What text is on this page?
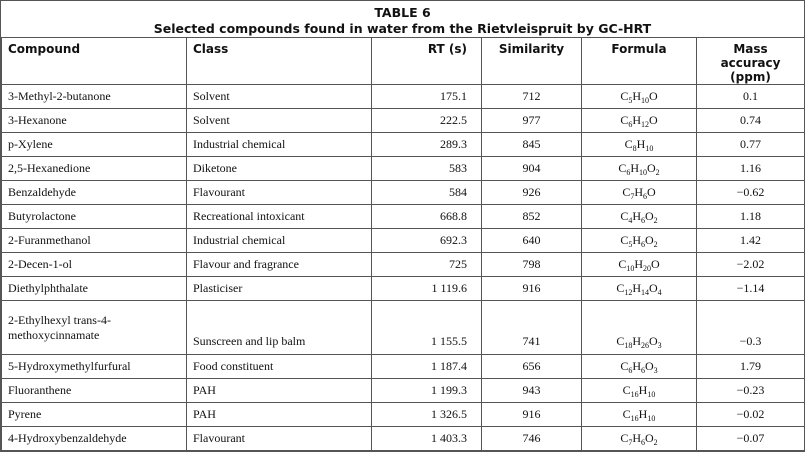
TABLE 6
Selected compounds found in water from the Rietvleispruit by GC-HRT
Compound	Class	RT (s)	Similarity	Formula	Mass accuracy (ppm)
3-Methyl-2-butanone	Solvent	175.1	712	$C_5H_{10}O$	0.1
3-Hexanone	Solvent	222.5	977	$C_6H_{12}O$	0.74
p-Xylene	Industrial chemical	289.3	845	$C_8H_{10}$	0.77
2,5-Hexanedione	Diketone	583	904	$C_6H_{10}O_2$	1.16
Benzaldehyde	Flavourant	584	926	$C_7H_6O$	−0.62
Butyrolactone	Recreational intoxicant	668.8	852	$C_4H_6O_2$	1.18
2-Furanmethanol	Industrial chemical	692.3	640	$C_5H_6O_2$	1.42
2-Decen-1-ol	Flavour and fragrance	725	798	$C_{10}H_{20}O$	−2.02
Diethylphthalate	Plasticiser	1 119.6	916	$C_{12}H_{14}O_4$	−1.14
2-Ethylhexyl trans-4-methoxycinnamate	Sunscreen and lip balm	1 155.5	741	$C_{18}H_{26}O_3$	−0.3
5-Hydroxymethylfurfural	Food constituent	1 187.4	656	$C_6H_6O_3$	1.79
Fluoranthene	PAH	1 199.3	943	$C_{16}H_{10}$	−0.23
Pyrene	PAH	1 326.5	916	$C_{16}H_{10}$	−0.02
4-Hydroxybenzaldehyde	Flavourant	1 403.3	746	$C_7H_6O_2$	−0.07
